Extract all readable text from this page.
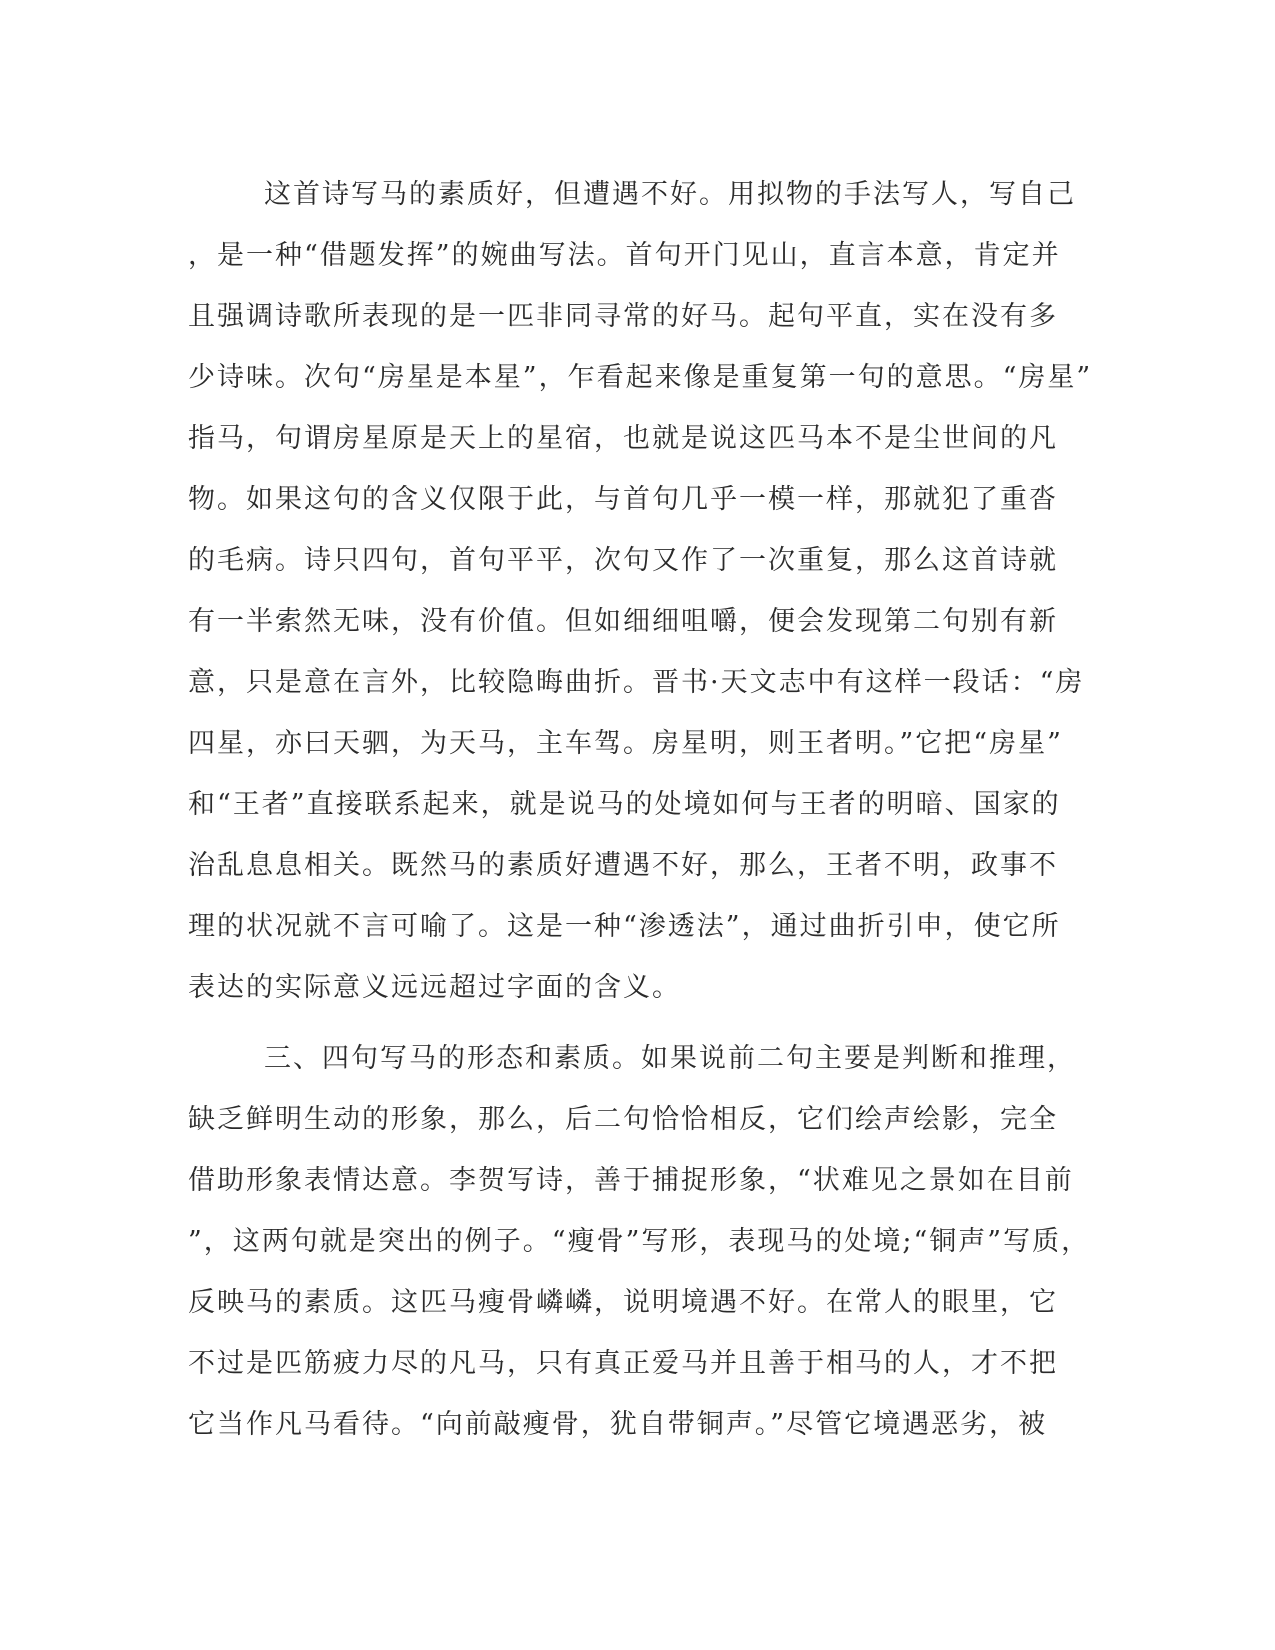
这首诗写马的素质好，但遭遇不好。用拟物的手法写人，写自己
，是一种“借题发挥”的婉曲写法。首句开门见山，直言本意，肯定并
且强调诗歌所表现的是一匹非同寻常的好马。起句平直，实在没有多
少诗味。次句“房星是本星”，乍看起来像是重复第一句的意思。“房星”
指马，句谓房星原是天上的星宿，也就是说这匹马本不是尘世间的凡
物。如果这句的含义仅限于此，与首句几乎一模一样，那就犯了重沓
的毛病。诗只四句，首句平平，次句又作了一次重复，那么这首诗就
有一半索然无味，没有价值。但如细细咀嚼，便会发现第二句别有新
意，只是意在言外，比较隐晦曲折。晋书·天文志中有这样一段话：“房
四星，亦曰天驷，为天马，主车驾。房星明，则王者明。”它把“房星”
和“王者”直接联系起来，就是说马的处境如何与王者的明暗、国家的
治乱息息相关。既然马的素质好遭遇不好，那么，王者不明，政事不
理的状况就不言可喻了。这是一种“渗透法”，通过曲折引申，使它所
表达的实际意义远远超过字面的含义。
三、四句写马的形态和素质。如果说前二句主要是判断和推理，
缺乏鲜明生动的形象，那么，后二句恰恰相反，它们绘声绘影，完全
借助形象表情达意。李贺写诗，善于捕捉形象，“状难见之景如在目前
”，这两句就是突出的例子。“瘦骨”写形，表现马的处境;“铜声”写质，
反映马的素质。这匹马瘦骨嶙嶙，说明境遇不好。在常人的眼里，它
不过是匹筋疲力尽的凡马，只有真正爱马并且善于相马的人，才不把
它当作凡马看待。“向前敲瘦骨，犹自带铜声。”尽管它境遇恶劣，被
